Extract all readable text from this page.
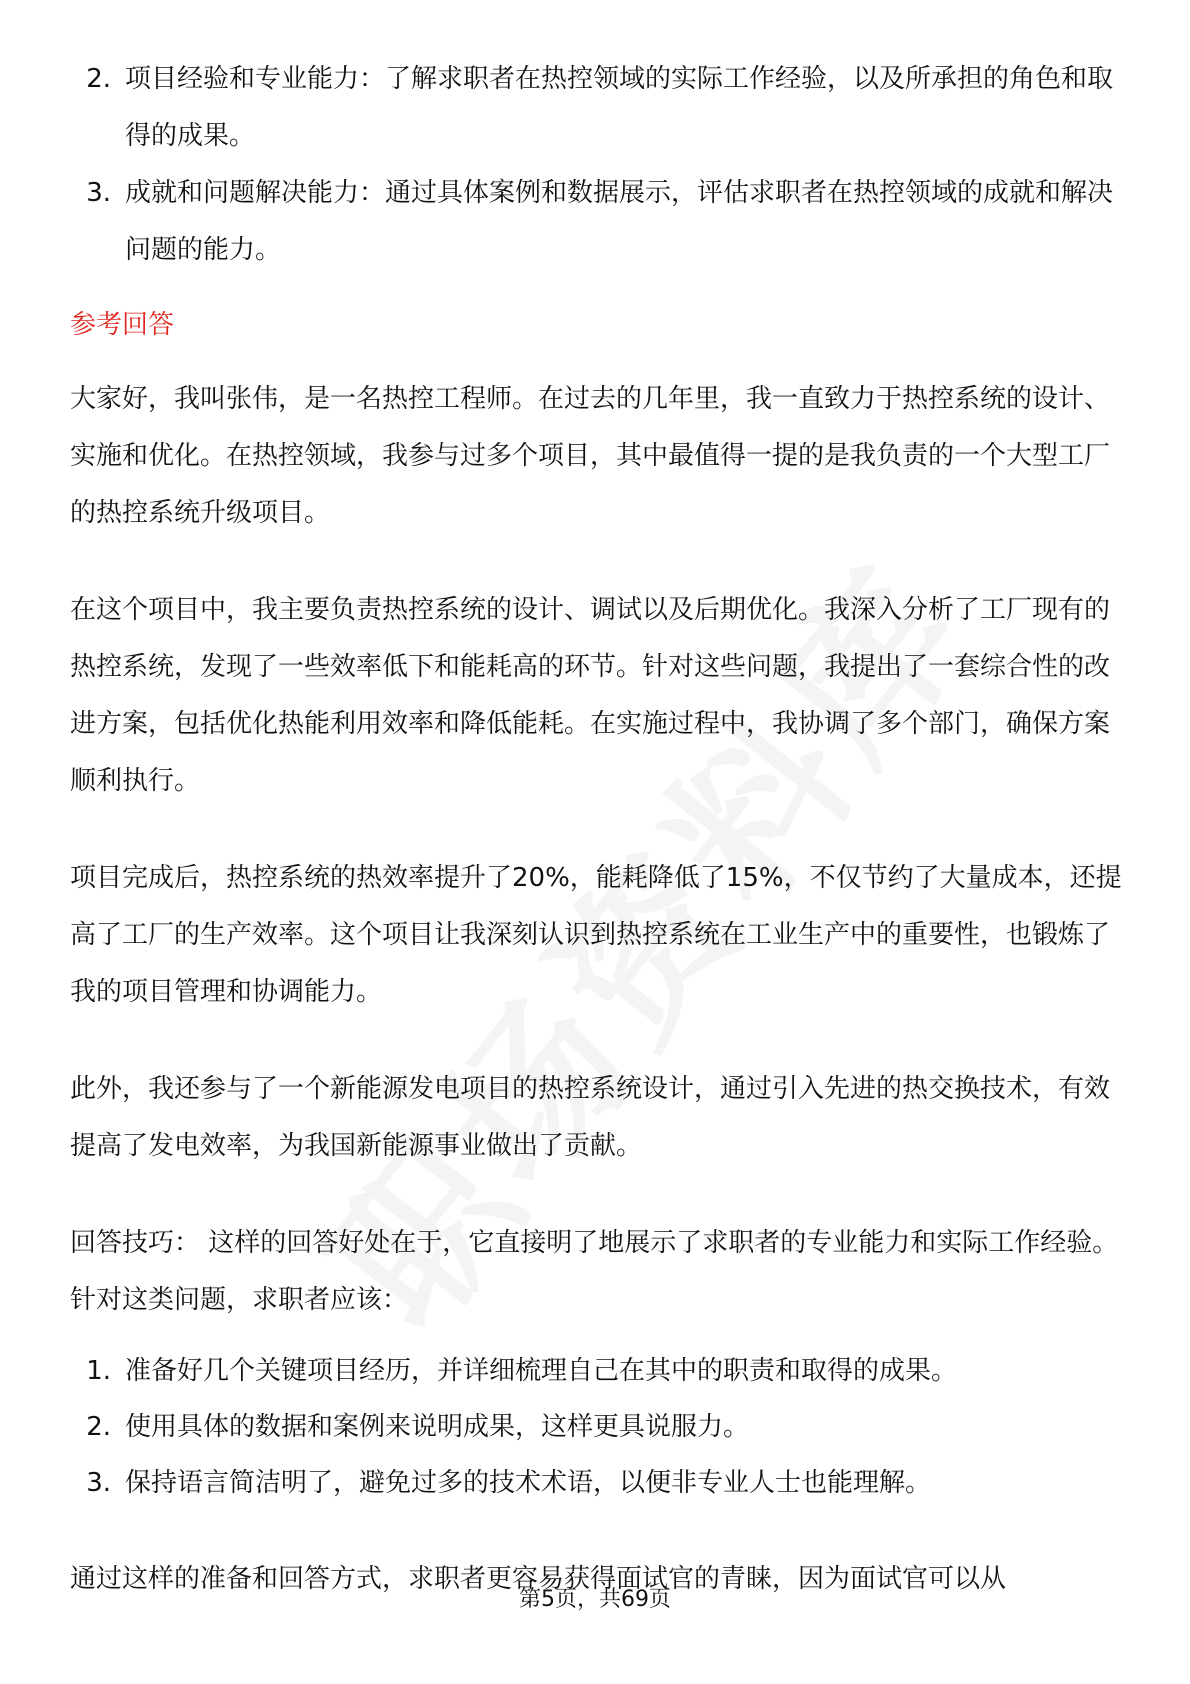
2. 项目经验和专业能力：了解求职者在热控领域的实际工作经验，以及所承担的角色和取得的成果。
3. 成就和问题解决能力：通过具体案例和数据展示，评估求职者在热控领域的成就和解决问题的能力。
参考回答

大家好，我叫张伟，是一名热控工程师。在过去的几年里，我一直致力于热控系统的设计、实施和优化。在热控领域，我参与过多个项目，其中最值得一提的是我负责的一个大型工厂的热控系统升级项目。

在这个项目中，我主要负责热控系统的设计、调试以及后期优化。我深入分析了工厂现有的热控系统，发现了一些效率低下和能耗高的环节。针对这些问题，我提出了一套综合性的改进方案，包括优化热能利用效率和降低能耗。在实施过程中，我协调了多个部门，确保方案顺利执行。

项目完成后，热控系统的热效率提升了20%，能耗降低了15%，不仅节约了大量成本，还提高了工厂的生产效率。这个项目让我深刻认识到热控系统在工业生产中的重要性，也锻炼了我的项目管理和协调能力。

此外，我还参与了一个新能源发电项目的热控系统设计，通过引入先进的热交换技术，有效提高了发电效率，为我国新能源事业做出了贡献。

回答技巧： 这样的回答好处在于，它直接明了地展示了求职者的专业能力和实际工作经验。针对这类问题，求职者应该：

1. 准备好几个关键项目经历，并详细梳理自己在其中的职责和取得的成果。
2. 使用具体的数据和案例来说明成果，这样更具说服力。
3. 保持语言简洁明了，避免过多的技术术语，以便非专业人士也能理解。

通过这样的准备和回答方式，求职者更容易获得面试官的青睐，因为面试官可以从

第5页，共69页
